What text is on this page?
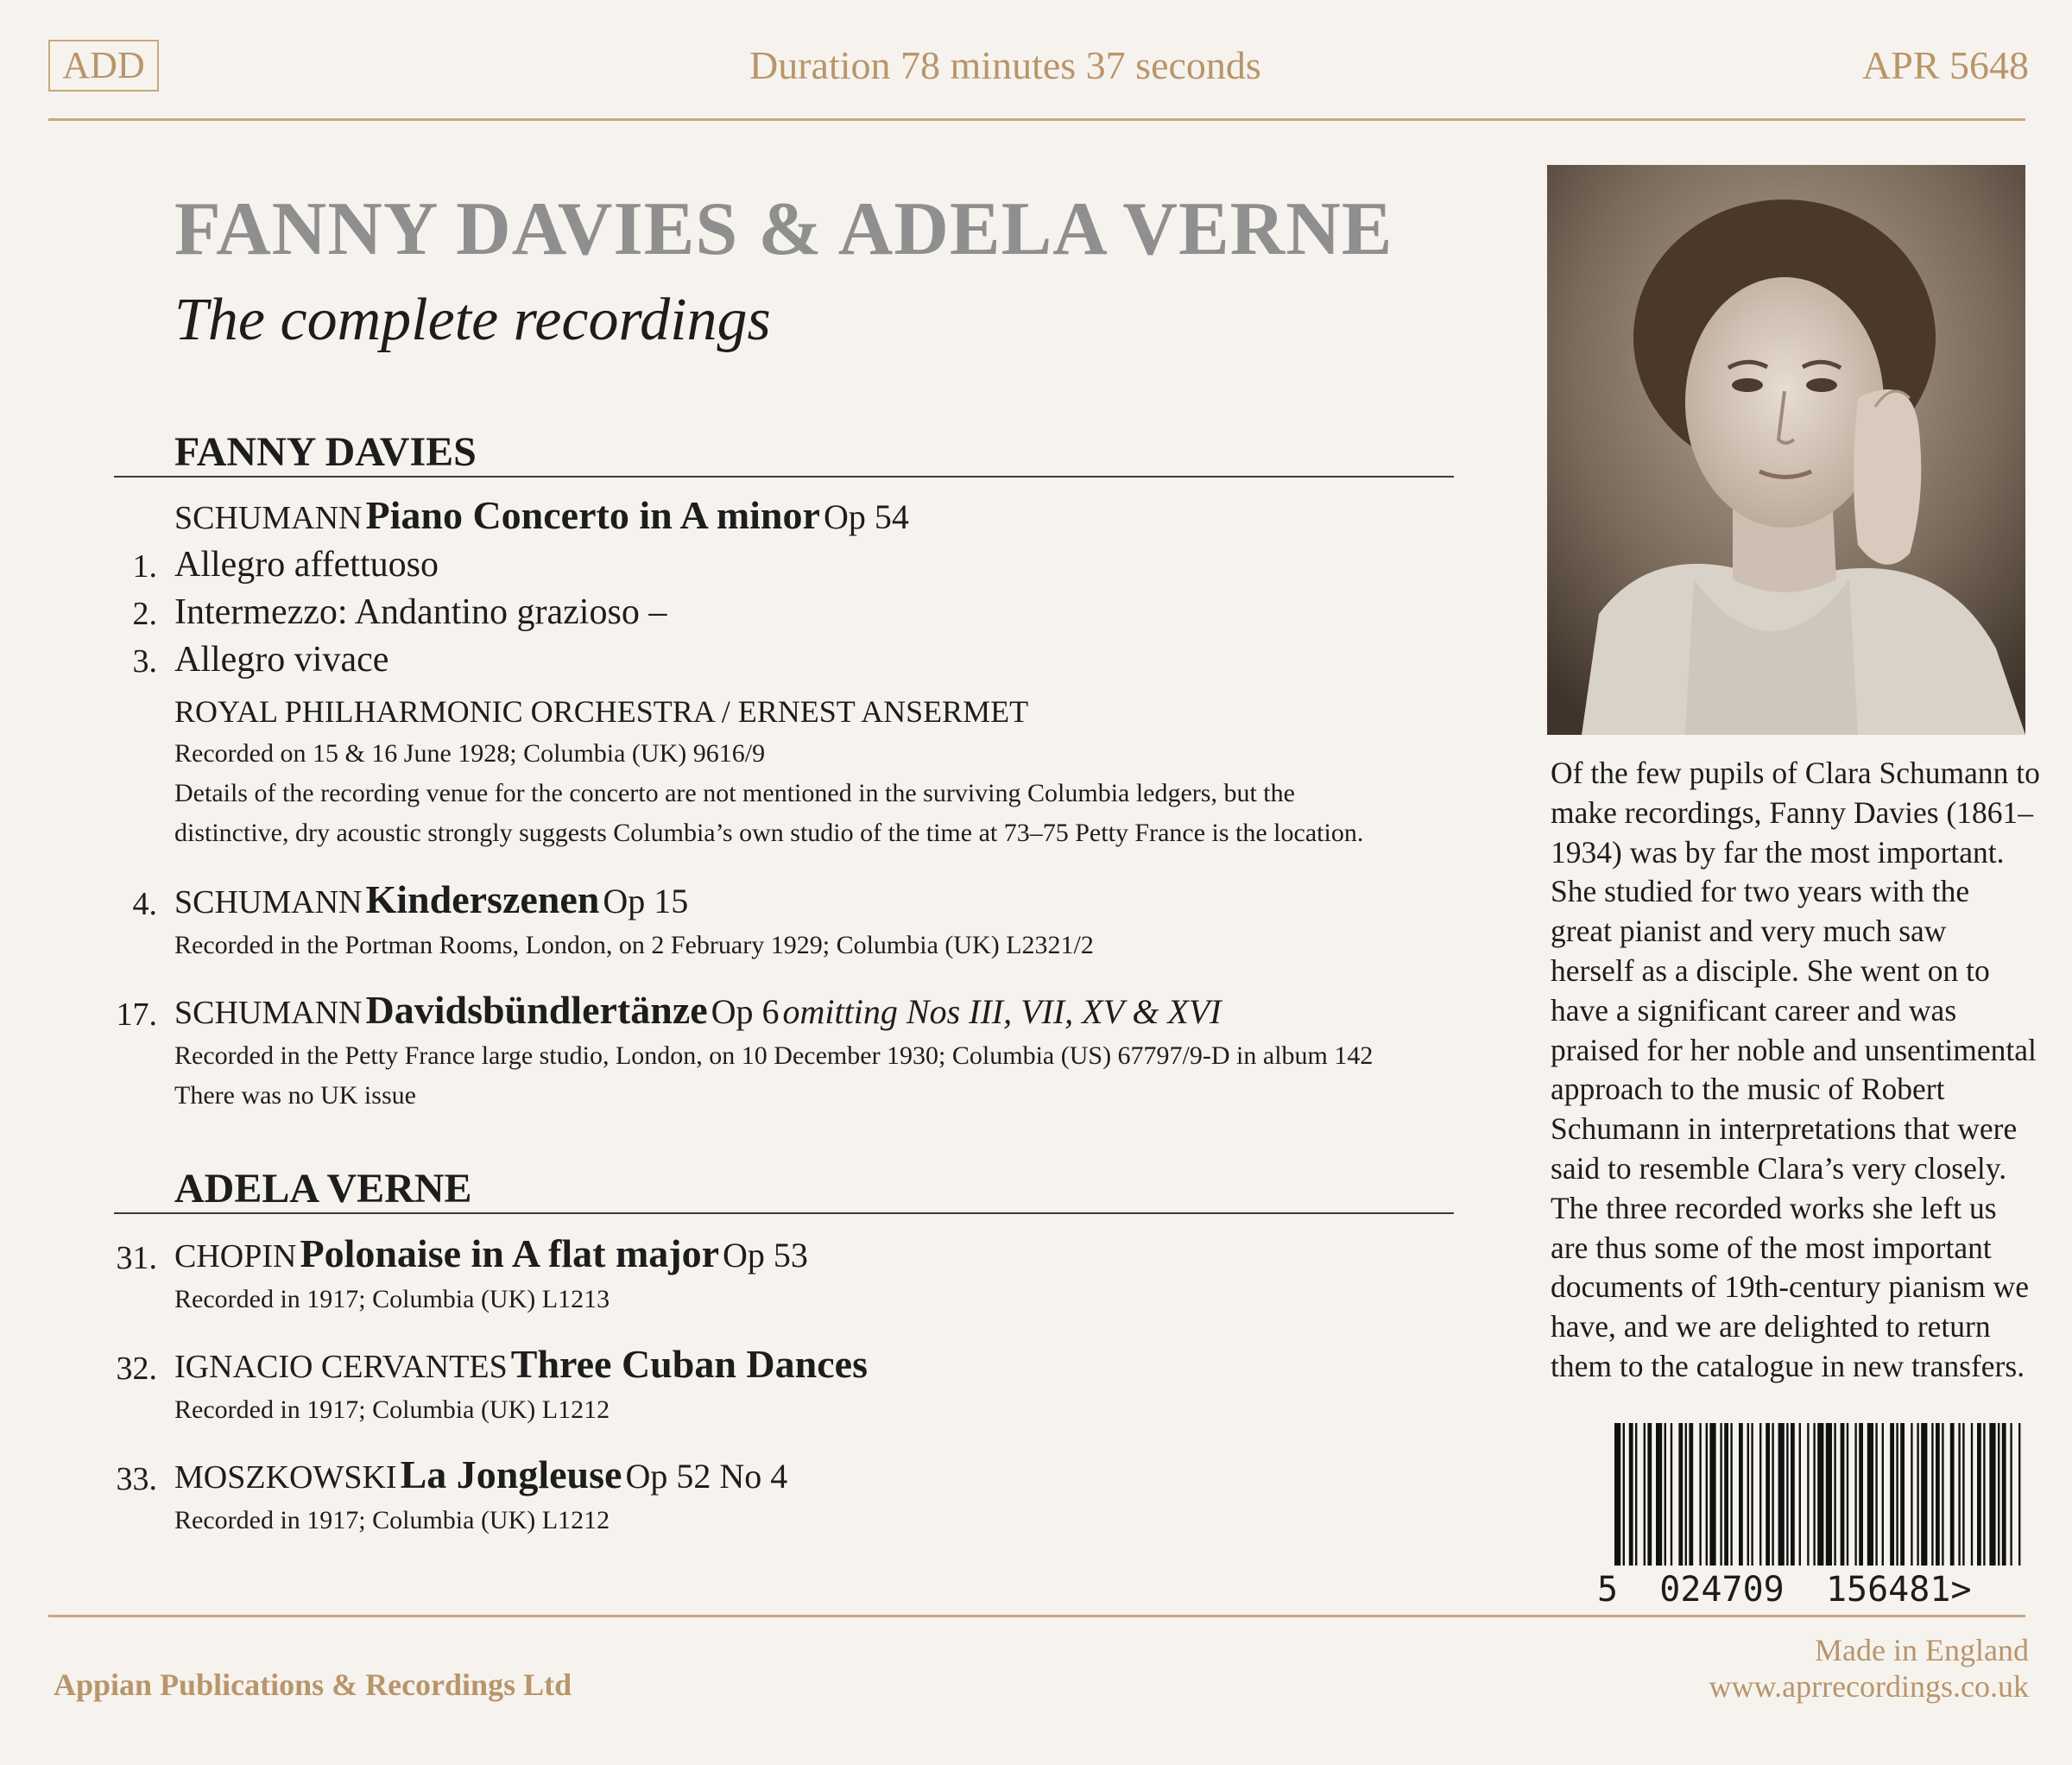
ADD	Duration 78 minutes 37 seconds	APR 5648
FANNY DAVIES & ADELA VERNE
The complete recordings
FANNY DAVIES
SCHUMANN Piano Concerto in A minor Op 54
1. Allegro affettuoso
2. Intermezzo: Andantino grazioso –
3. Allegro vivace
ROYAL PHILHARMONIC ORCHESTRA / ERNEST ANSERMET
Recorded on 15 & 16 June 1928; Columbia (UK) 9616/9
Details of the recording venue for the concerto are not mentioned in the surviving Columbia ledgers, but the
distinctive, dry acoustic strongly suggests Columbia’s own studio of the time at 73–75 Petty France is the location.
4. SCHUMANN Kinderszenen Op 15
Recorded in the Portman Rooms, London, on 2 February 1929; Columbia (UK) L2321/2
17. SCHUMANN Davidsbündlertänze Op 6 omitting Nos III, VII, XV & XVI
Recorded in the Petty France large studio, London, on 10 December 1930; Columbia (US) 67797/9-D in album 142
There was no UK issue
ADELA VERNE
31. CHOPIN Polonaise in A flat major Op 53
Recorded in 1917; Columbia (UK) L1213
32. IGNACIO CERVANTES Three Cuban Dances
Recorded in 1917; Columbia (UK) L1212
33. MOSZKOWSKI La Jongleuse Op 52 No 4
Recorded in 1917; Columbia (UK) L1212
Of the few pupils of Clara Schumann to
make recordings, Fanny Davies (1861–
1934) was by far the most important.
She studied for two years with the
great pianist and very much saw
herself as a disciple. She went on to
have a significant career and was
praised for her noble and unsentimental
approach to the music of Robert
Schumann in interpretations that were
said to resemble Clara’s very closely.
The three recorded works she left us
are thus some of the most important
documents of 19th-century pianism we
have, and we are delighted to return
them to the catalogue in new transfers.
5 024709 156481>
Appian Publications & Recordings Ltd
Made in England
www.aprrecordings.co.uk
